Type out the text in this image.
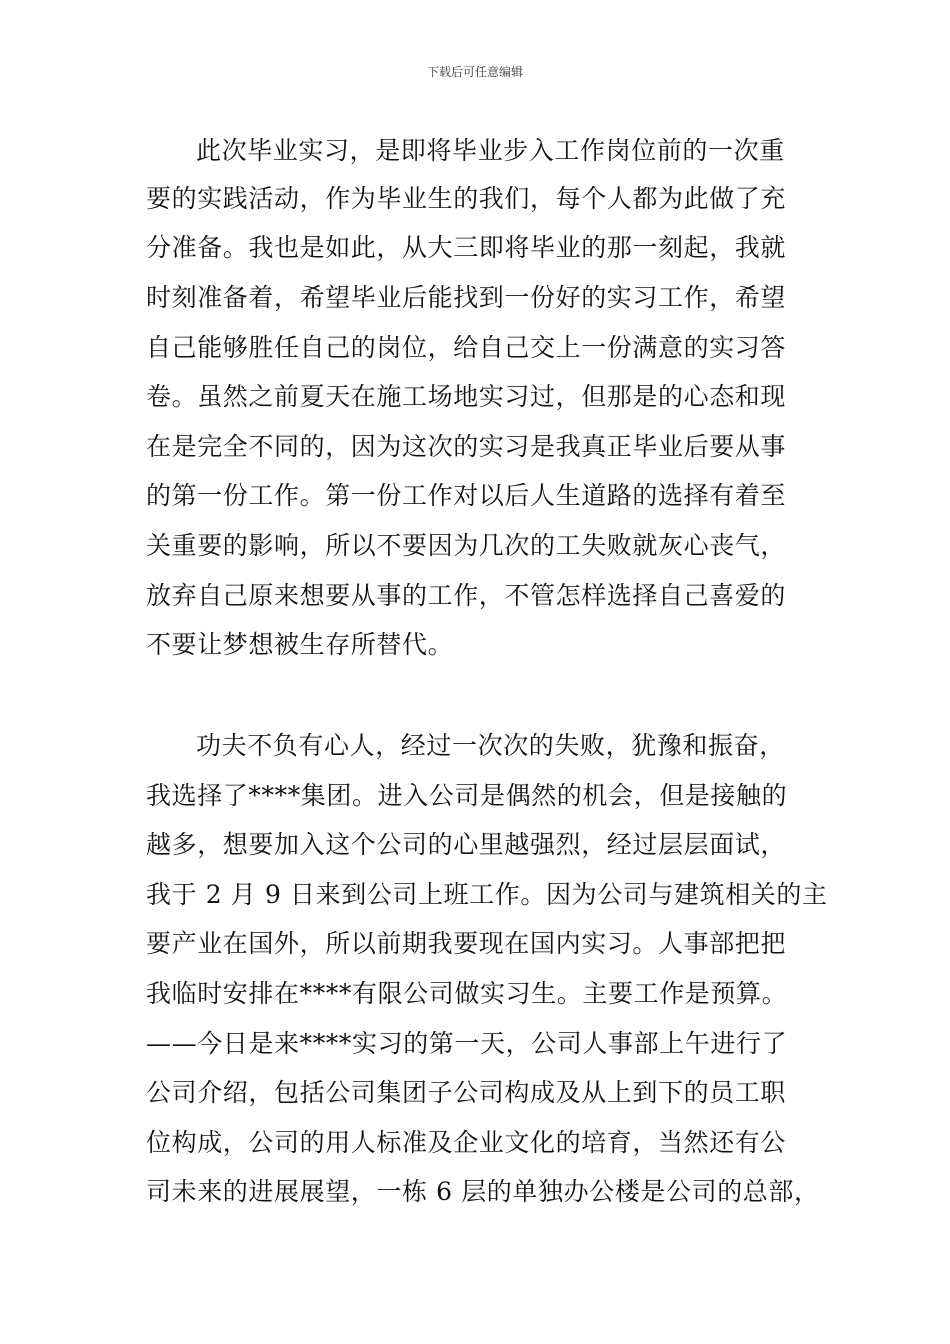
下载后可任意编辑
此次毕业实习，是即将毕业步入工作岗位前的一次重
要的实践活动，作为毕业生的我们，每个人都为此做了充
分准备。我也是如此，从大三即将毕业的那一刻起，我就
时刻准备着，希望毕业后能找到一份好的实习工作，希望
自己能够胜任自己的岗位，给自己交上一份满意的实习答
卷。虽然之前夏天在施工场地实习过，但那是的心态和现
在是完全不同的，因为这次的实习是我真正毕业后要从事
的第一份工作。第一份工作对以后人生道路的选择有着至
关重要的影响，所以不要因为几次的工失败就灰心丧气，
放弃自己原来想要从事的工作，不管怎样选择自己喜爱的
不要让梦想被生存所替代。
功夫不负有心人，经过一次次的失败，犹豫和振奋，
我选择了****集团。进入公司是偶然的机会，但是接触的
越多，想要加入这个公司的心里越强烈，经过层层面试，
我于 2 月 9 日来到公司上班工作。因为公司与建筑相关的主
要产业在国外，所以前期我要现在国内实习。人事部把把
我临时安排在****有限公司做实习生。主要工作是预算。
——今日是来****实习的第一天，公司人事部上午进行了
公司介绍，包括公司集团子公司构成及从上到下的员工职
位构成，公司的用人标准及企业文化的培育，当然还有公
司未来的进展展望，一栋 6 层的单独办公楼是公司的总部，
